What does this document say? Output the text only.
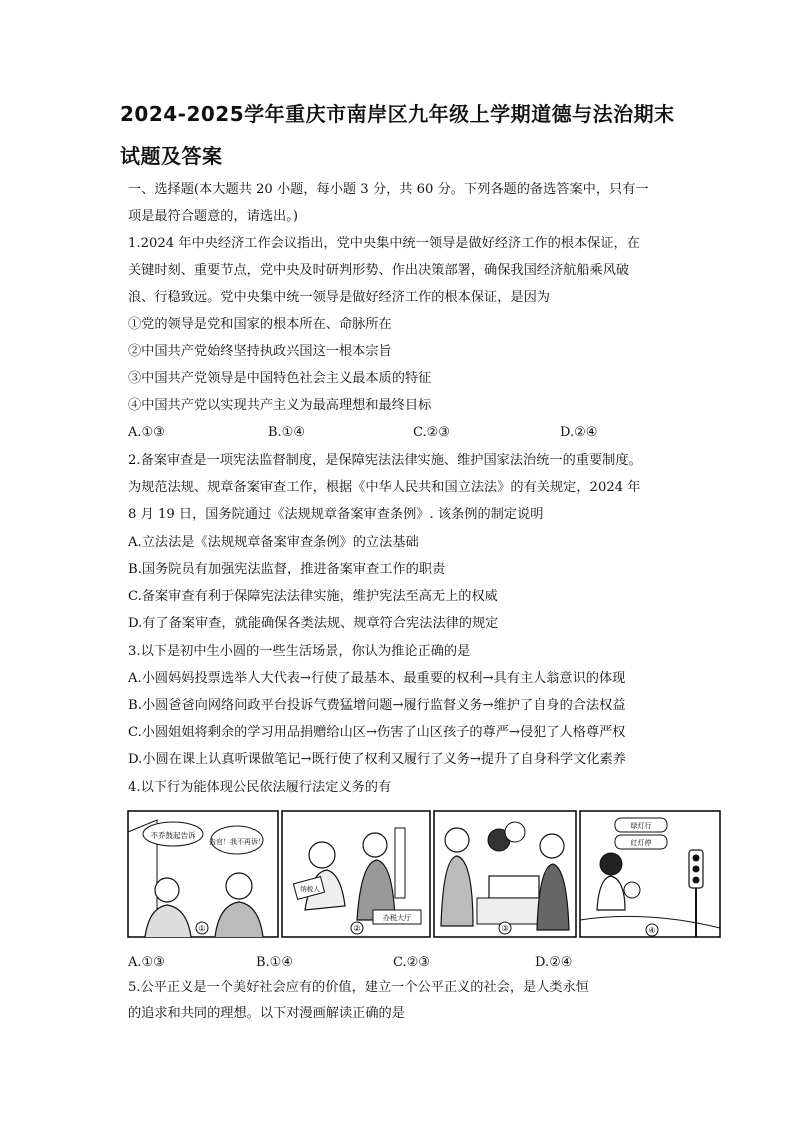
2024-2025学年重庆市南岸区九年级上学期道德与法治期末
试题及答案
一、选择题(本大题共 20 小题，每小题 3 分，共 60 分。下列各题的备选答案中，只有一
项是最符合题意的，请选出。)
1.2024 年中央经济工作会议指出，党中央集中统一领导是做好经济工作的根本保证，在
关键时刻、重要节点，党中央及时研判形势、作出决策部署，确保我国经济航船乘风破
浪、行稳致远。党中央集中统一领导是做好经济工作的根本保证，是因为
①党的领导是党和国家的根本所在、命脉所在
②中国共产党始终坚持执政兴国这一根本宗旨
③中国共产党领导是中国特色社会主义最本质的特征
④中国共产党以实现共产主义为最高理想和最终目标
A.①③	B.①④	C.②③	D.②④
2.备案审查是一项宪法监督制度，是保障宪法法律实施、维护国家法治统一的重要制度。
为规范法规、规章备案审查工作，根据《中华人民共和国立法法》的有关规定，2024 年
8 月 19 日，国务院通过《法规规章备案审查条例》. 该条例的制定说明
A.立法法是《法规规章备案审查条例》的立法基础
B.国务院员有加强宪法监督，推进备案审查工作的职责
C.备案审查有利于保障宪法法律实施，维护宪法至高无上的权威
D.有了备案审查，就能确保各类法规、规章符合宪法法律的规定
3.以下是初中生小圆的一些生活场景，你认为推论正确的是
A.小圆妈妈投票选举人大代表→行使了最基本、最重要的权利→具有主人翁意识的体现
B.小圆爸爸向网络问政平台投诉气费猛增问题→履行监督义务→维护了自身的合法权益
C.小圆姐姐将剩余的学习用品捐赠给山区→伤害了山区孩子的尊严→侵犯了人格尊严权
D.小圆在课上认真听课做笔记→既行使了权利又履行了义务→提升了自身科学文化素养
4.以下行为能体现公民依法履行法定义务的有
不乔鼓起告诉
告官！我不再诉！
①
纳税人
办税大厅
②	③
绿灯行
红灯停
④
A.①③	B.①④	C.②③	D.②④
5.公平正义是一个美好社会应有的价值，建立一个公平正义的社会，是人类永恒
的追求和共同的理想。以下对漫画解读正确的是
